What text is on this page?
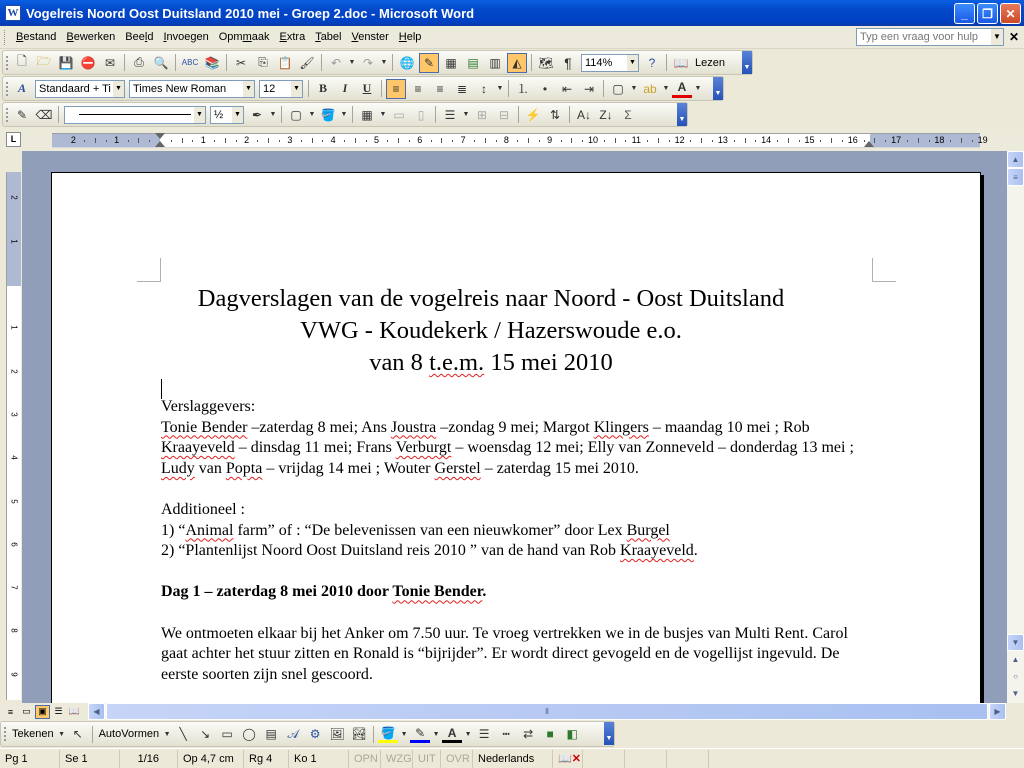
W Vogelreis Noord Oost Duitsland 2010 mei - Groep 2.doc - Microsoft Word	_	❐	✕
Bestand Bewerken Beeld Invoegen Opmmaak Extra Tabel Venster Help	Typ een vraag voor hulp ▼ ✕
🗋 🗁 💾 ⛔ ✉	⎙ 🔍	ABC 📚	✂	⎘ 📋 🖌	↶	▼ ↷	▼ 🌐 ✎ ▦ ▤ ▥ ◭	🗺 ¶	114% ▼	?	📖 Lezen	▼
A	Standaard + Ti ▼	Times New Roman	▼	12	▼	B	I	U	≡	≡	≡	≣	↕	▼	⒈	•	⇤ ⇥	▢ ▼ ab ▼ A	▼
▼
✎ ⌫	▼	½ ▼ ✒	▼	▢ ▼ 🪣 ▼	▦ ▼ ▭	▯	☰	▼ ⊞ ⊟	⚡ ⇅	A↓ Z↓ Σ	▼
L	2	1	1	2	3	4	5	6	7	8	9	10	11	12	13	14	15	16	17	18	19
2
1
1
2
3
4
5
6
7
8
9
Dagverslagen van de vogelreis naar Noord - Oost Duitsland
VWG - Koudekerk / Hazerswoude e.o.
van 8 t.e.m. 15 mei 2010

Verslaggevers:

Tonie Bender –zaterdag 8 mei; Ans Joustra –zondag 9 mei; Margot Klingers – maandag 10 mei ; Rob Kraayeveld – dinsdag 11 mei; Frans Verburgt – woensdag 12 mei; Elly van Zonneveld – donderdag 13 mei ; Ludy van Popta – vrijdag 14 mei ; Wouter Gerstel – zaterdag 15 mei 2010.

Additioneel :

1) “Animal farm” of : “De belevenissen van een nieuwkomer” door Lex Burgel

2) “Plantenlijst Noord Oost Duitsland reis 2010 ” van de hand van Rob Kraayeveld.

Dag 1 – zaterdag 8 mei 2010 door Tonie Bender.

We ontmoeten elkaar bij het Anker om 7.50 uur. Te vroeg vertrekken we in de busjes van Multi Rent. Carol gaat achter het stuur zitten en Ronald is “bijrijder”. Er wordt direct gevogeld en de vogellijst ingevuld. De eerste soorten zijn snel gescoord.

▲
≡
▼
▲
○
▼
≡	▭ ▣ ☰ 📖	◀	⦀	▶
Tekenen ▼ ↖	AutoVormen ▼ ╲	↘ ▭ ◯ ▤ 𝒜 ⚙ 🖼 🏞 🪣 ▼ ✎	▼ A	▼ ☰	┅	⇄	■	◧	▼
Pg 1	Se 1	1/16	Op 4,7 cm	Rg 4	Ko 1	OPN WZG UIT OVR Nederlands	📖✕
